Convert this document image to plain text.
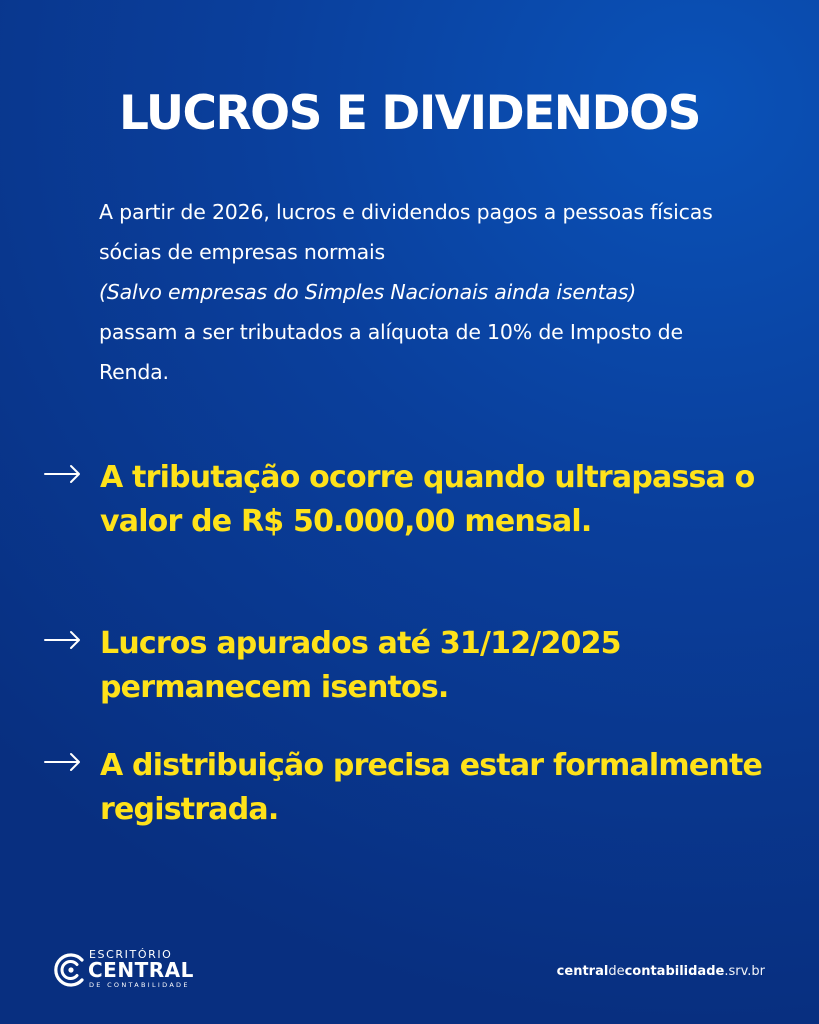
LUCROS E DIVIDENDOS
A partir de 2026, lucros e dividendos pagos a pessoas físicas sócias de empresas normais
(Salvo empresas do Simples Nacionais ainda isentas)
passam a ser tributados a alíquota de 10% de Imposto de Renda.
A tributação ocorre quando ultrapassa o valor de R$ 50.000,00 mensal.
Lucros apurados até 31/12/2025 permanecem isentos.
A distribuição precisa estar formalmente registrada.
ESCRITÓRIO
CENTRAL
DE CONTABILIDADE
centraldecontabilidade.srv.br
